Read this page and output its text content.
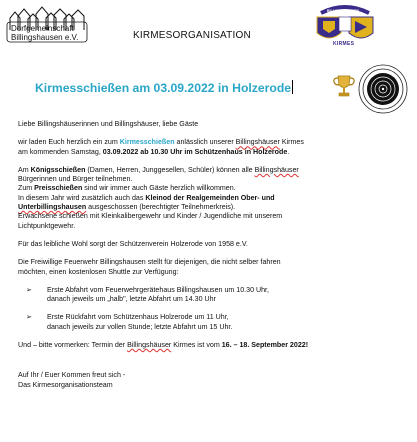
Dorfgemeinschaft
Billingshausen e.V.	KIRMESORGANISATION
BILLINGSHAUSEN
KIRMES
Kirmesschießen am 03.09.2022 in Holzerode

Liebe Billingshäuserinnen und Billingshäuser, liebe Gäste

wir laden Euch herzlich ein zum Kirmesschießen anlässlich unserer Billingshäuser Kirmes
am kommenden Samstag, 03.09.2022 ab 10.30 Uhr im Schützenhaus in Holzerode.

Am Königsschießen (Damen, Herren, Junggesellen, Schüler) können alle Billingshäuser
Bürgerinnen und Bürger teilnehmen.
Zum Preisschießen sind wir immer auch Gäste herzlich willkommen.
In diesem Jahr wird zusätzlich auch das Kleinod der Realgemeinden Ober- und
Unterbillingshausen ausgeschossen (berechtigter Teilnehmerkreis).
Erwachsene schießen mit Kleinkalibergewehr und Kinder / Jugendliche mit unserem
Lichtpunktgewehr.

Für das leibliche Wohl sorgt der Schützenverein Holzerode von 1958 e.V.

Die Freiwillige Feuerwehr Billingshausen stellt für diejenigen, die nicht selber fahren
möchten, einen kostenlosen Shuttle zur Verfügung:

➢ Erste Abfahrt vom Feuerwehrgerätehaus Billingshausen um 10.30 Uhr,
danach jeweils um „halb", letzte Abfahrt um 14.30 Uhr
➢ Erste Rückfahrt vom Schützenhaus Holzerode um 11 Uhr,
danach jeweils zur vollen Stunde; letzte Abfahrt um 15 Uhr.

Und – bitte vormerken: Termin der Billingshäuser Kirmes ist vom 16. – 18. September 2022!

Auf Ihr / Euer Kommen freut sich -

Das Kirmesorganisationsteam
